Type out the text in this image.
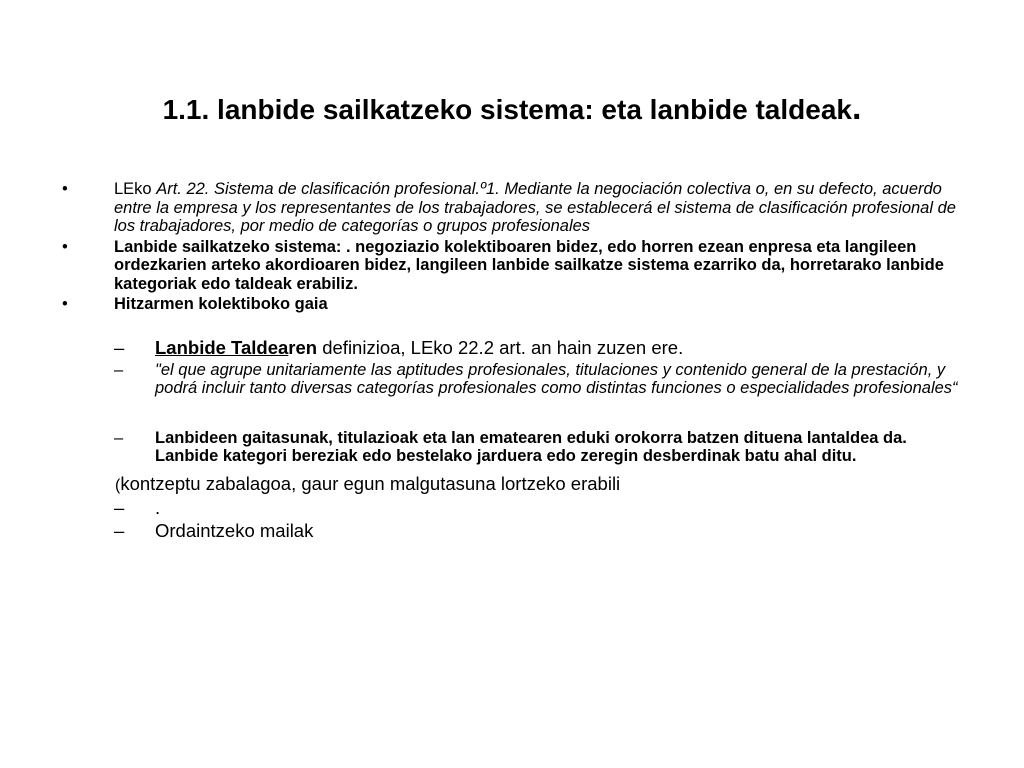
1.1. lanbide sailkatzeko sistema: eta lanbide taldeak.
•	LEko Art. 22. Sistema de clasificación profesional.º1. Mediante la negociación colectiva o, en su defecto, acuerdo entre la empresa y los representantes de los trabajadores, se establecerá el sistema de clasificación profesional de los trabajadores, por medio de categorías o grupos profesionales
•	Lanbide sailkatzeko sistema: . negoziazio kolektiboaren bidez, edo horren ezean enpresa eta langileen ordezkarien arteko akordioaren bidez, langileen lanbide sailkatze sistema ezarriko da, horretarako lanbide kategoriak edo taldeak erabiliz.
•	Hitzarmen kolektiboko gaia
–	Lanbide Taldearen definizioa, LEko 22.2 art. an hain zuzen ere.
–	"el que agrupe unitariamente las aptitudes profesionales, titulaciones y contenido general de la prestación, y podrá incluir tanto diversas categorías profesionales como distintas funciones o especialidades profesionales“
–	Lanbideen gaitasunak, titulazioak eta lan ematearen eduki orokorra batzen dituena lantaldea da. Lanbide kategori bereziak edo bestelako jarduera edo zeregin desberdinak batu ahal ditu.
(kontzeptu zabalagoa, gaur egun malgutasuna lortzeko erabili
–	.
–	Ordaintzeko mailak
